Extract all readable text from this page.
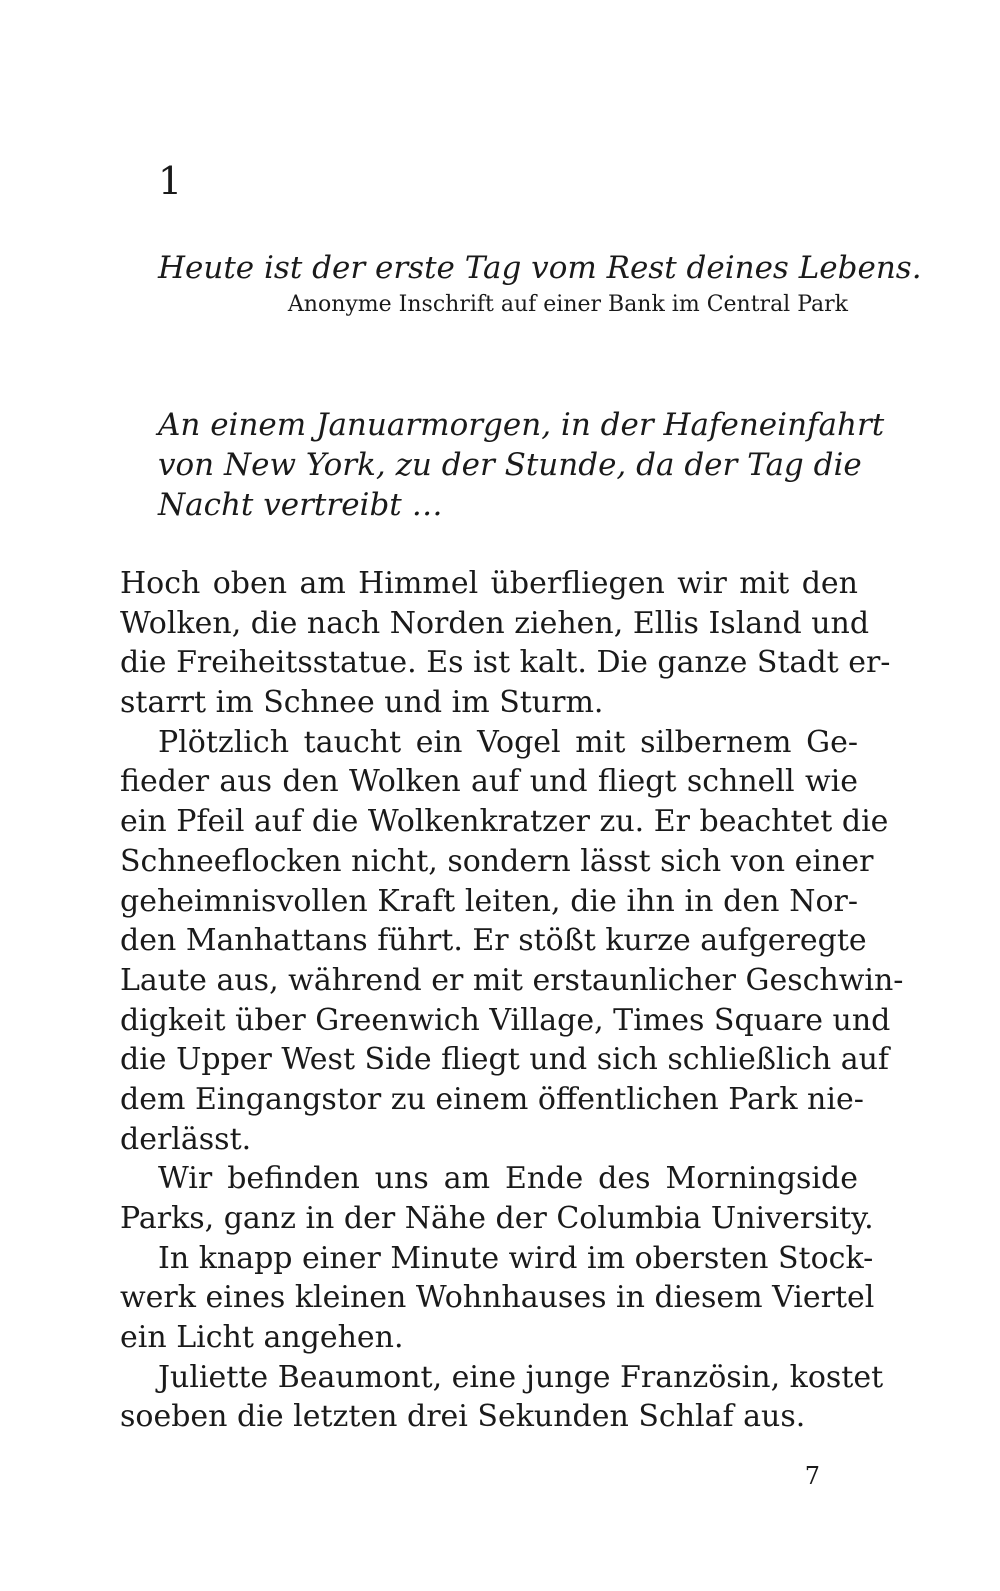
1
Heute ist der erste Tag vom Rest deines Lebens.
Anonyme Inschrift auf einer Bank im Central Park
An einem Januarmorgen, in der Hafeneinfahrt
von New York, zu der Stunde, da der Tag die
Nacht vertreibt …
Hoch oben am Himmel überfliegen wir mit den
Wolken, die nach Norden ziehen, Ellis Island und
die Freiheitsstatue. Es ist kalt. Die ganze Stadt er-
starrt im Schnee und im Sturm.
Plötzlich taucht ein Vogel mit silbernem Ge-
fieder aus den Wolken auf und fliegt schnell wie
ein Pfeil auf die Wolkenkratzer zu. Er beachtet die
Schneeflocken nicht, sondern lässt sich von einer
geheimnisvollen Kraft leiten, die ihn in den Nor-
den Manhattans führt. Er stößt kurze aufgeregte
Laute aus, während er mit erstaunlicher Geschwin-
digkeit über Greenwich Village, Times Square und
die Upper West Side fliegt und sich schließlich auf
dem Eingangstor zu einem öffentlichen Park nie-
derlässt.
Wir befinden uns am Ende des Morningside
Parks, ganz in der Nähe der Columbia University.
In knapp einer Minute wird im obersten Stock-
werk eines kleinen Wohnhauses in diesem Viertel
ein Licht angehen.
Juliette Beaumont, eine junge Französin, kostet
soeben die letzten drei Sekunden Schlaf aus.
7
